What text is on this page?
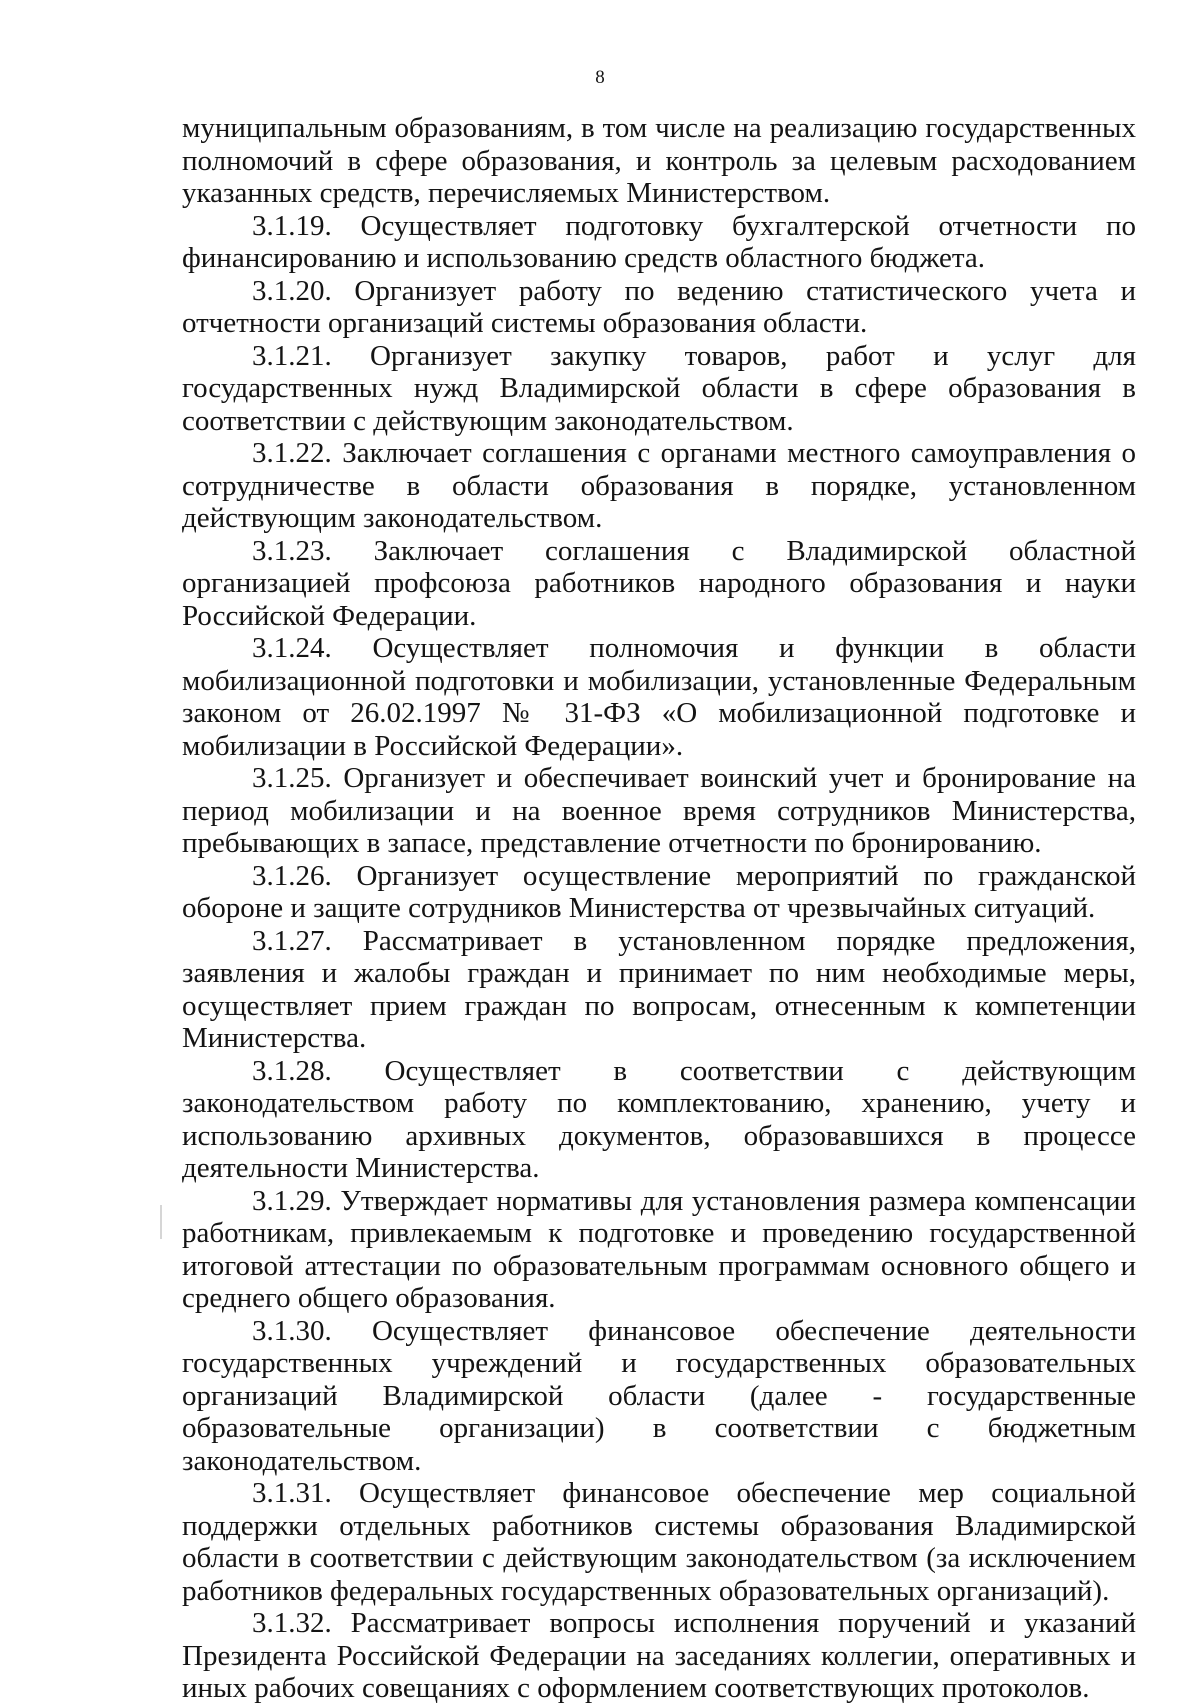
8

муниципальным образованиям, в том числе на реализацию государственных полномочий в сфере образования, и контроль за целевым расходованием указанных средств, перечисляемых Министерством.

3.1.19. Осуществляет подготовку бухгалтерской отчетности по финансированию и использованию средств областного бюджета.

3.1.20. Организует работу по ведению статистического учета и отчетности организаций системы образования области.

3.1.21. Организует закупку товаров, работ и услуг для государственных нужд Владимирской области в сфере образования в соответствии с действующим законодательством.

3.1.22. Заключает соглашения с органами местного самоуправления о сотрудничестве в области образования в порядке, установленном действующим законодательством.

3.1.23. Заключает соглашения с Владимирской областной организацией профсоюза работников народного образования и науки Российской Федерации.

3.1.24. Осуществляет полномочия и функции в области мобилизационной подготовки и мобилизации, установленные Федеральным законом от 26.02.1997 № 31-ФЗ «О мобилизационной подготовке и мобилизации в Российской Федерации».

3.1.25. Организует и обеспечивает воинский учет и бронирование на период мобилизации и на военное время сотрудников Министерства, пребывающих в запасе, представление отчетности по бронированию.

3.1.26. Организует осуществление мероприятий по гражданской обороне и защите сотрудников Министерства от чрезвычайных ситуаций.

3.1.27. Рассматривает в установленном порядке предложения, заявления и жалобы граждан и принимает по ним необходимые меры, осуществляет прием граждан по вопросам, отнесенным к компетенции Министерства.

3.1.28. Осуществляет в соответствии с действующим законодательством работу по комплектованию, хранению, учету и использованию архивных документов, образовавшихся в процессе деятельности Министерства.

3.1.29. Утверждает нормативы для установления размера компенсации работникам, привлекаемым к подготовке и проведению государственной итоговой аттестации по образовательным программам основного общего и среднего общего образования.

3.1.30. Осуществляет финансовое обеспечение деятельности государственных учреждений и государственных образовательных организаций Владимирской области (далее - государственные образовательные организации) в соответствии с бюджетным законодательством.

3.1.31. Осуществляет финансовое обеспечение мер социальной поддержки отдельных работников системы образования Владимирской области в соответствии с действующим законодательством (за исключением работников федеральных государственных образовательных организаций).

3.1.32. Рассматривает вопросы исполнения поручений и указаний Президента Российской Федерации на заседаниях коллегии, оперативных и иных рабочих совещаниях с оформлением соответствующих протоколов.
